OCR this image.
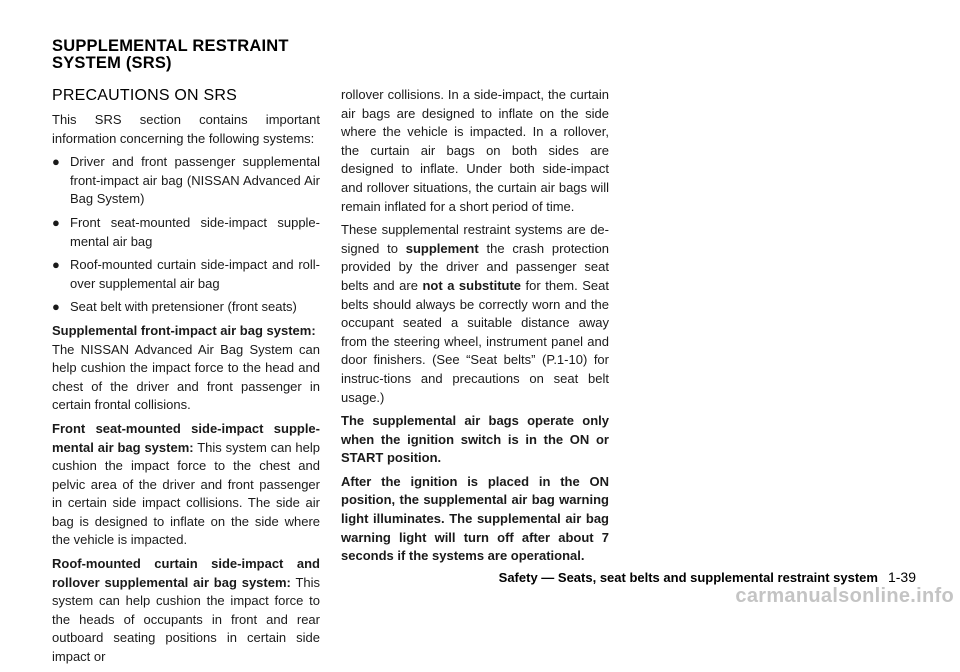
SUPPLEMENTAL RESTRAINT
SYSTEM (SRS)
PRECAUTIONS ON SRS

This SRS section contains important information concerning the following systems:

● Driver and front passenger supplemental front-impact air bag (NISSAN Advanced Air Bag System)
● Front seat-mounted side-impact supple-mental air bag
● Roof-mounted curtain side-impact and roll-over supplemental air bag
● Seat belt with pretensioner (front seats)

Supplemental front-impact air bag system:
The NISSAN Advanced Air Bag System can help cushion the impact force to the head and chest of the driver and front passenger in certain frontal collisions.

Front seat-mounted side-impact supple-mental air bag system: This system can help cushion the impact force to the chest and pelvic area of the driver and front passenger in certain side impact collisions. The side air bag is designed to inflate on the side where the vehicle is impacted.

Roof-mounted curtain side-impact and rollover supplemental air bag system: This system can help cushion the impact force to the heads of occupants in front and rear outboard seating positions in certain side impact or

rollover collisions. In a side-impact, the curtain air bags are designed to inflate on the side where the vehicle is impacted. In a rollover, the curtain air bags on both sides are designed to inflate. Under both side-impact and rollover situations, the curtain air bags will remain inflated for a short period of time.

These supplemental restraint systems are de-signed to supplement the crash protection provided by the driver and passenger seat belts and are not a substitute for them. Seat belts should always be correctly worn and the occupant seated a suitable distance away from the steering wheel, instrument panel and door finishers. (See “Seat belts” (P.1-10) for instruc-tions and precautions on seat belt usage.)

The supplemental air bags operate only when the ignition switch is in the ON or START position.

After the ignition is placed in the ON position, the supplemental air bag warning light illuminates. The supplemental air bag warning light will turn off after about 7 seconds if the systems are operational.

Safety — Seats, seat belts and supplemental restraint system 1-39
carmanualsonline.info
